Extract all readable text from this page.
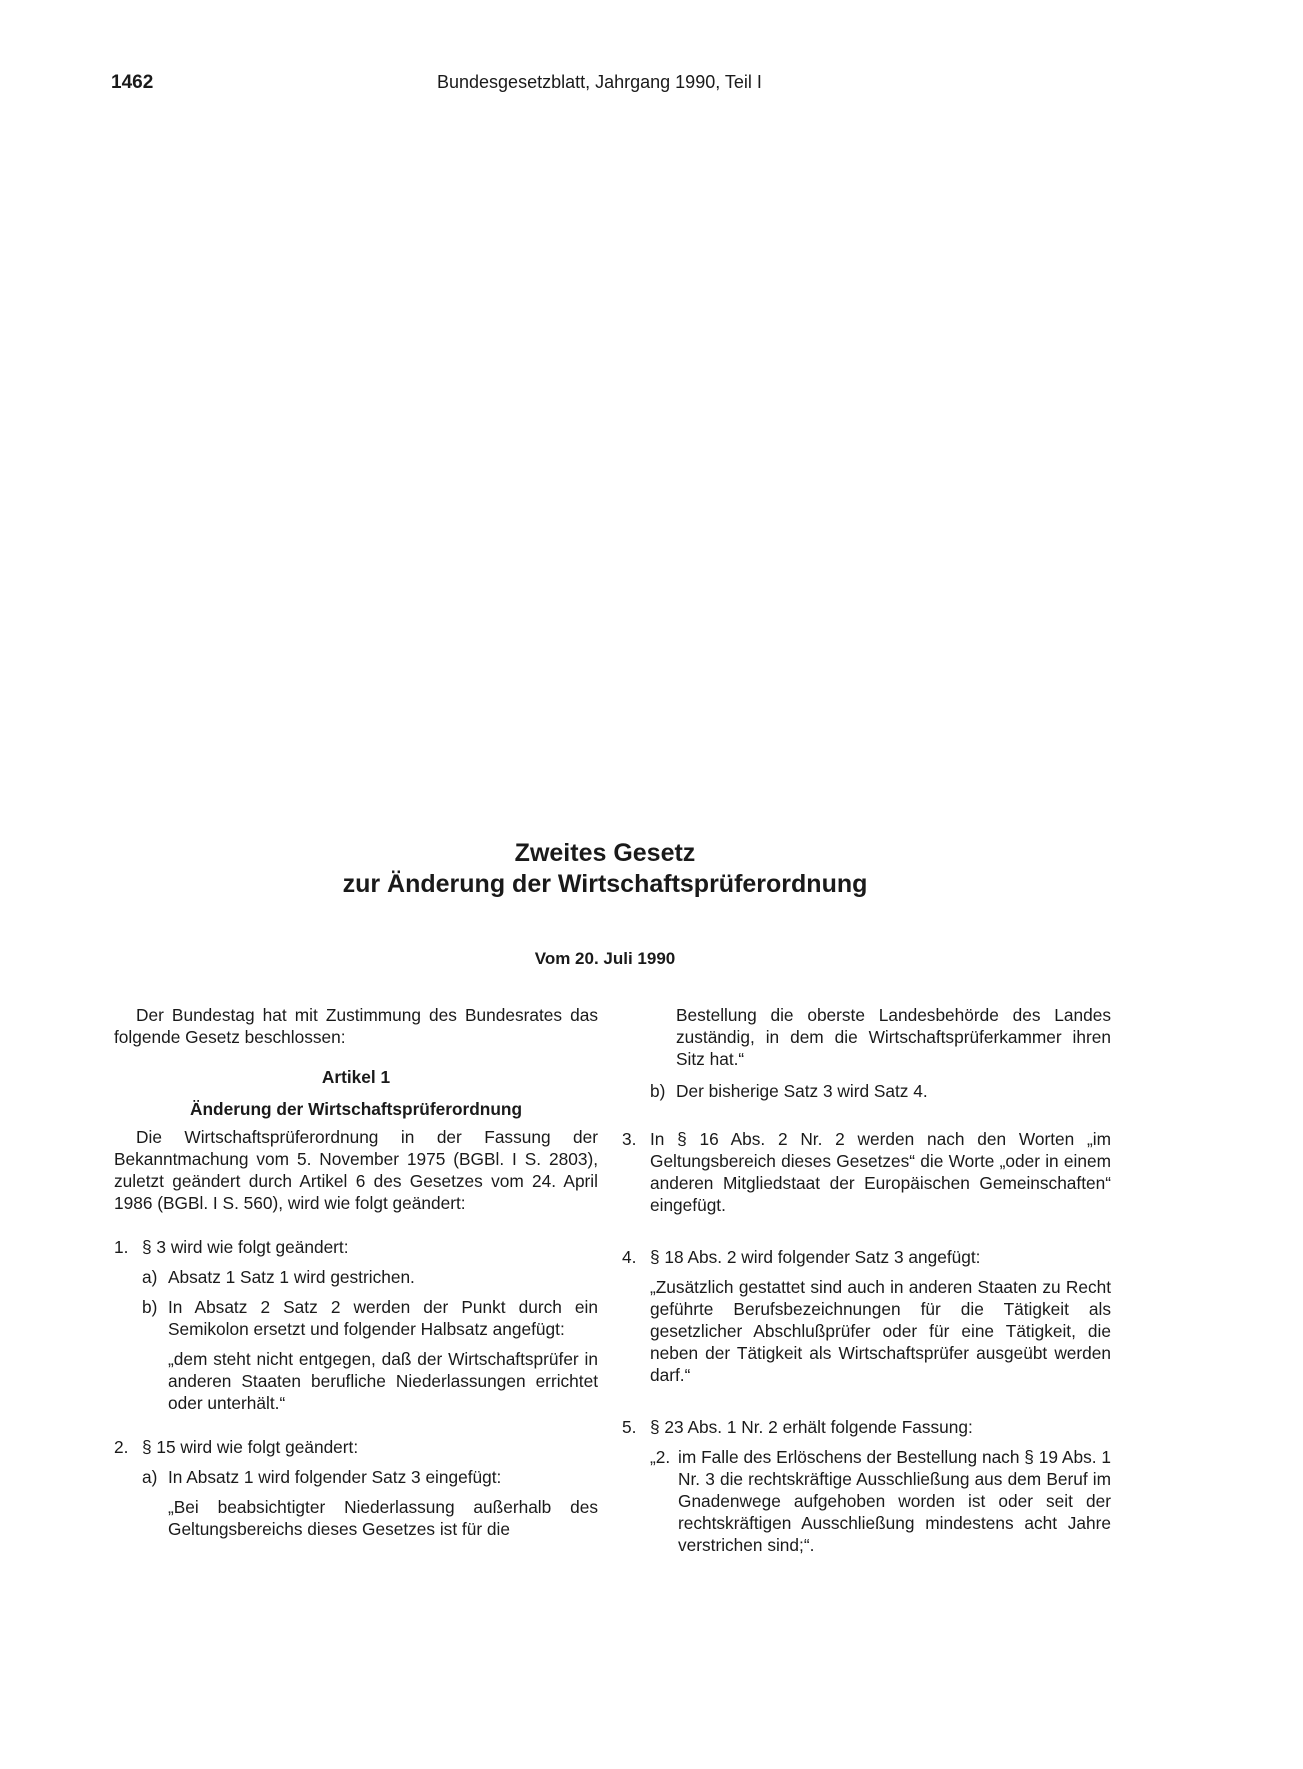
1462	Bundesgesetzblatt, Jahrgang 1990, Teil I
Zweites Gesetz
zur Änderung der Wirtschaftsprüferordnung
Vom 20. Juli 1990

Der Bundestag hat mit Zustimmung des Bundesrates das folgende Gesetz beschlossen:

Artikel 1
Änderung der Wirtschaftsprüferordnung

Die Wirtschaftsprüferordnung in der Fassung der Bekanntmachung vom 5. November 1975 (BGBl. I S. 2803), zuletzt geändert durch Artikel 6 des Gesetzes vom 24. April 1986 (BGBl. I S. 560), wird wie folgt geändert:

1. § 3 wird wie folgt geändert:
a) Absatz 1 Satz 1 wird gestrichen.
b) In Absatz 2 Satz 2 werden der Punkt durch ein Semikolon ersetzt und folgender Halbsatz angefügt:

„dem steht nicht entgegen, daß der Wirtschaftsprüfer in anderen Staaten berufliche Niederlassungen errichtet oder unterhält.“

2. § 15 wird wie folgt geändert:
a) In Absatz 1 wird folgender Satz 3 eingefügt:

„Bei beabsichtigter Niederlassung außerhalb des Geltungsbereichs dieses Gesetzes ist für die

Bestellung die oberste Landesbehörde des Landes zuständig, in dem die Wirtschaftsprüferkammer ihren Sitz hat.“

b) Der bisherige Satz 3 wird Satz 4.
3. In § 16 Abs. 2 Nr. 2 werden nach den Worten „im Geltungsbereich dieses Gesetzes“ die Worte „oder in einem anderen Mitgliedstaat der Europäischen Gemeinschaften“ eingefügt.

4. § 18 Abs. 2 wird folgender Satz 3 angefügt:

„Zusätzlich gestattet sind auch in anderen Staaten zu Recht geführte Berufsbezeichnungen für die Tätigkeit als gesetzlicher Abschlußprüfer oder für eine Tätigkeit, die neben der Tätigkeit als Wirtschaftsprüfer ausgeübt werden darf.“

5. § 23 Abs. 1 Nr. 2 erhält folgende Fassung:
„2. im Falle des Erlöschens der Bestellung nach § 19 Abs. 1 Nr. 3 die rechtskräftige Ausschließung aus dem Beruf im Gnadenwege aufgehoben worden ist oder seit der rechtskräftigen Ausschließung mindestens acht Jahre verstrichen sind;“.
